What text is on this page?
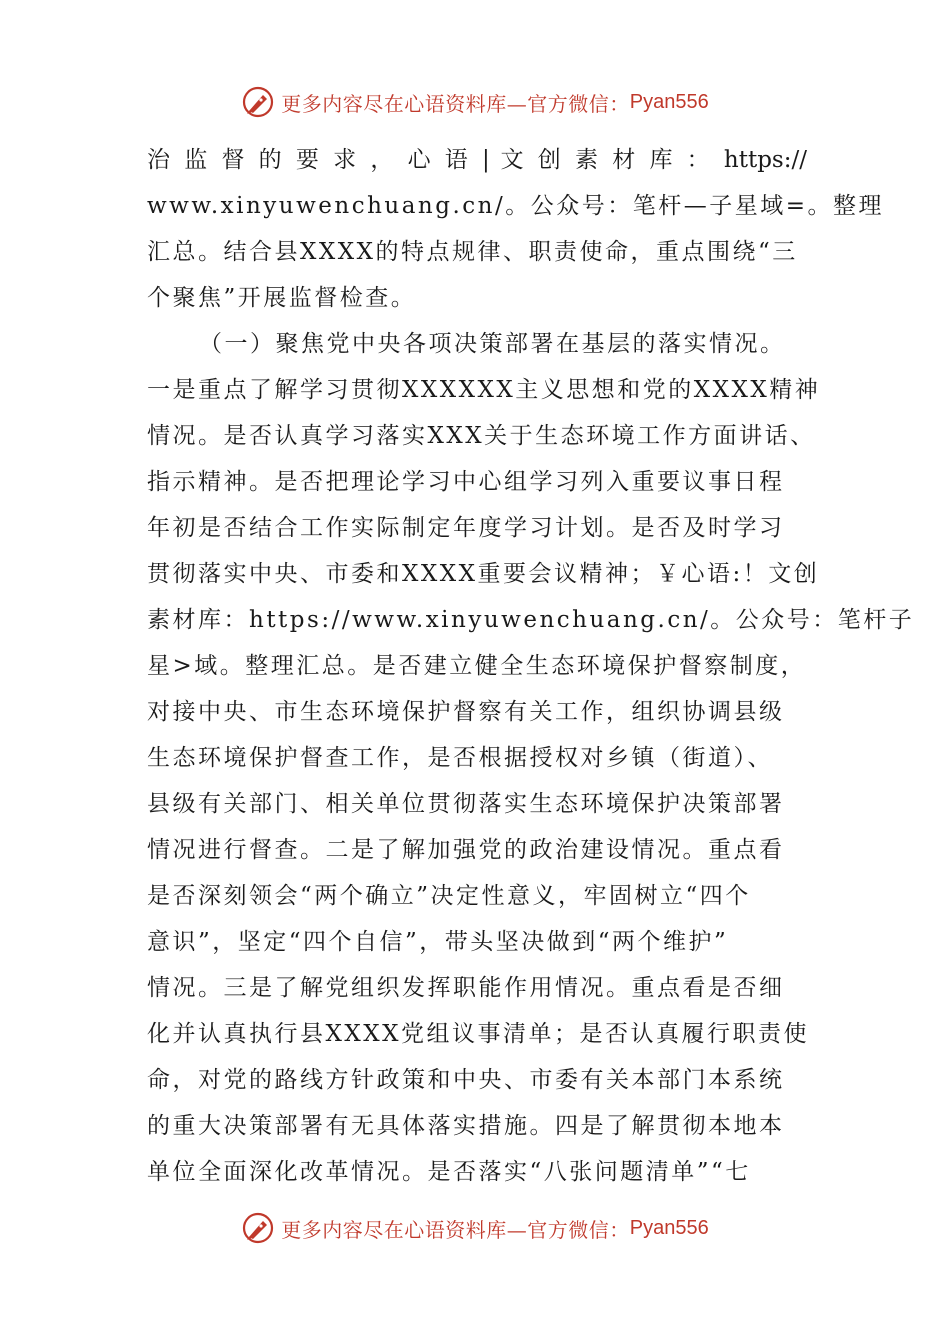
更多内容尽在心语资料库—官方微信： Pyan556
治 监 督 的 要 求 ， 心 语 | 文 创 素 材 库 ： https://
www.xinyuwenchuang.cn/。公众号：笔杆—子星域=。整理
汇总。结合县XXXX的特点规律、职责使命，重点围绕“三
个聚焦”开展监督检查。
（一）聚焦党中央各项决策部署在基层的落实情况。
一是重点了解学习贯彻XXXXXX主义思想和党的XXXX精神
情况。是否认真学习落实XXX关于生态环境工作方面讲话、
指示精神。是否把理论学习中心组学习列入重要议事日程
年初是否结合工作实际制定年度学习计划。是否及时学习
贯彻落实中央、市委和XXXX重要会议精神；￥心语:！文创
素材库：https://www.xinyuwenchuang.cn/。公众号：笔杆子
星>域。整理汇总。是否建立健全生态环境保护督察制度，
对接中央、市生态环境保护督察有关工作，组织协调县级
生态环境保护督查工作，是否根据授权对乡镇（街道）、
县级有关部门、相关单位贯彻落实生态环境保护决策部署
情况进行督查。二是了解加强党的政治建设情况。重点看
是否深刻领会“两个确立”决定性意义，牢固树立“四个
意识”，坚定“四个自信”，带头坚决做到“两个维护”
情况。三是了解党组织发挥职能作用情况。重点看是否细
化并认真执行县XXXX党组议事清单；是否认真履行职责使
命，对党的路线方针政策和中央、市委有关本部门本系统
的重大决策部署有无具体落实措施。四是了解贯彻本地本
单位全面深化改革情况。是否落实“八张问题清单”“七
更多内容尽在心语资料库—官方微信： Pyan556
